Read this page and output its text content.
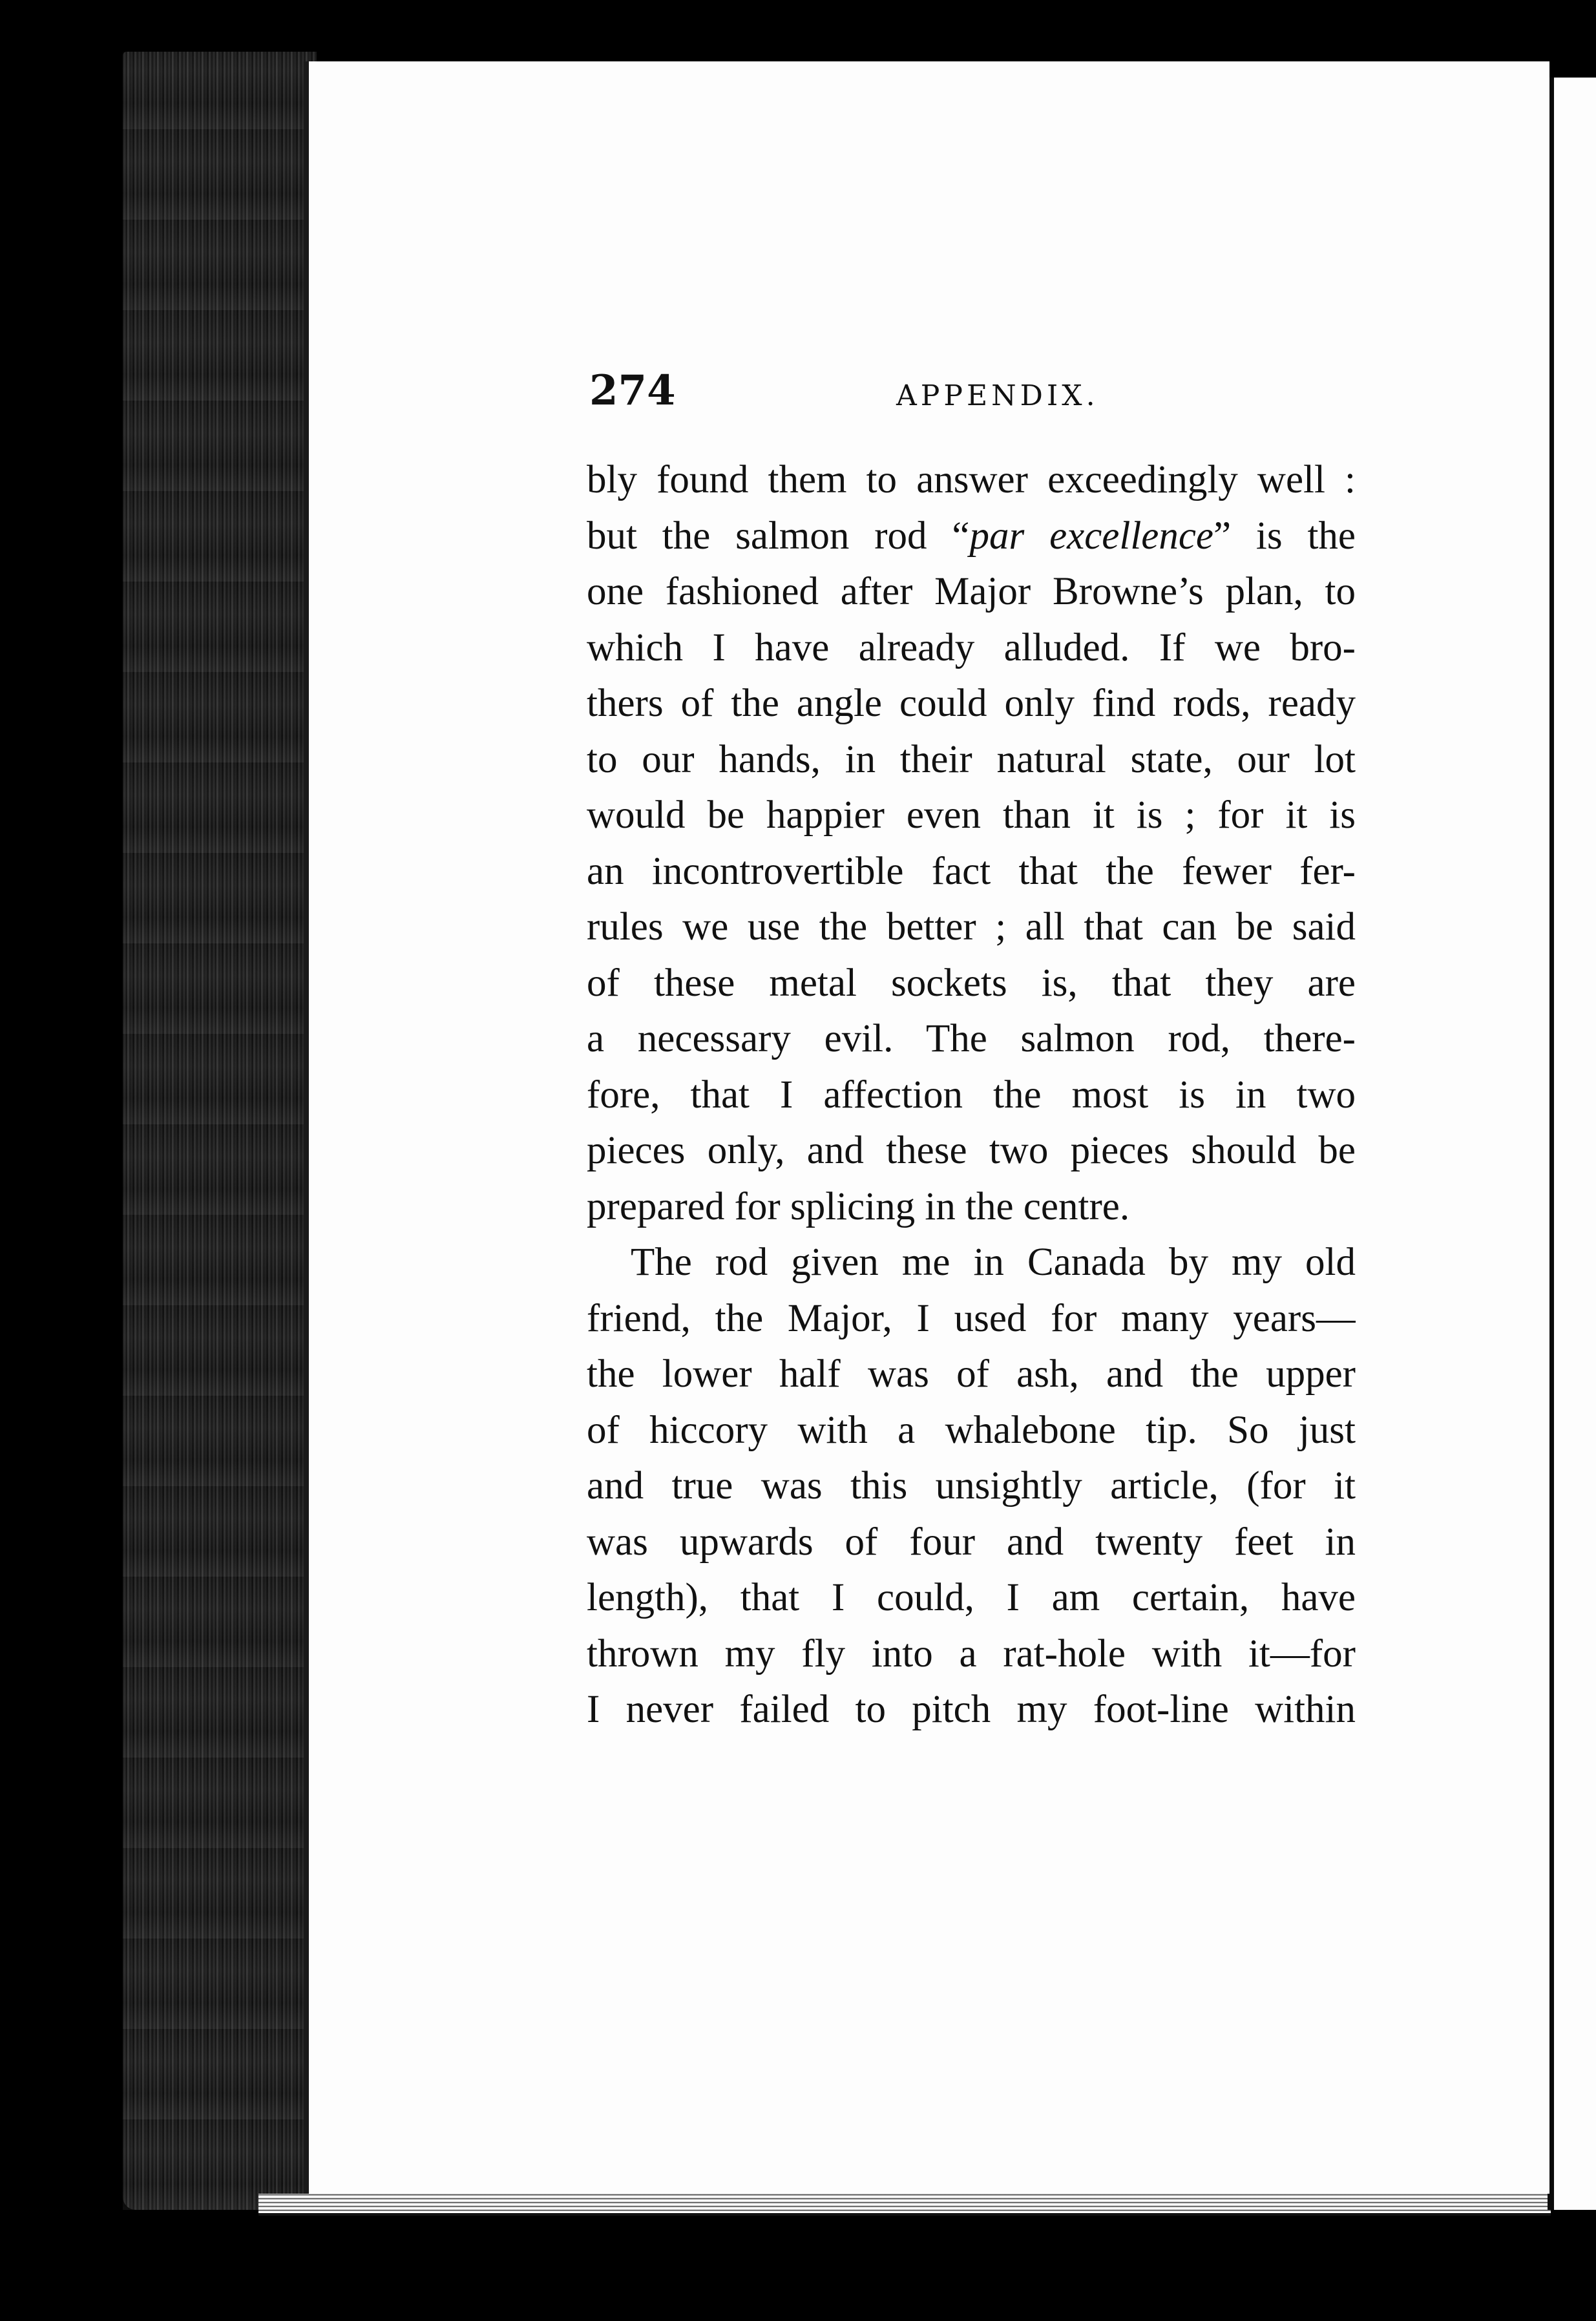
274	APPENDIX.
bly found them to answer exceedingly well :
but the salmon rod “par excellence” is the
one fashioned after Major Browne’s plan, to
which I have already alluded. If we bro-
thers of the angle could only find rods, ready
to our hands, in their natural state, our lot
would be happier even than it is ; for it is
an incontrovertible fact that the fewer fer-
rules we use the better ; all that can be said
of these metal sockets is, that they are
a necessary evil. The salmon rod, there-
fore, that I affection the most is in two
pieces only, and these two pieces should be
prepared for splicing in the centre.
The rod given me in Canada by my old
friend, the Major, I used for many years—
the lower half was of ash, and the upper
of hiccory with a whalebone tip. So just
and true was this unsightly article, (for it
was upwards of four and twenty feet in
length), that I could, I am certain, have
thrown my fly into a rat-hole with it—for
I never failed to pitch my foot-line within
